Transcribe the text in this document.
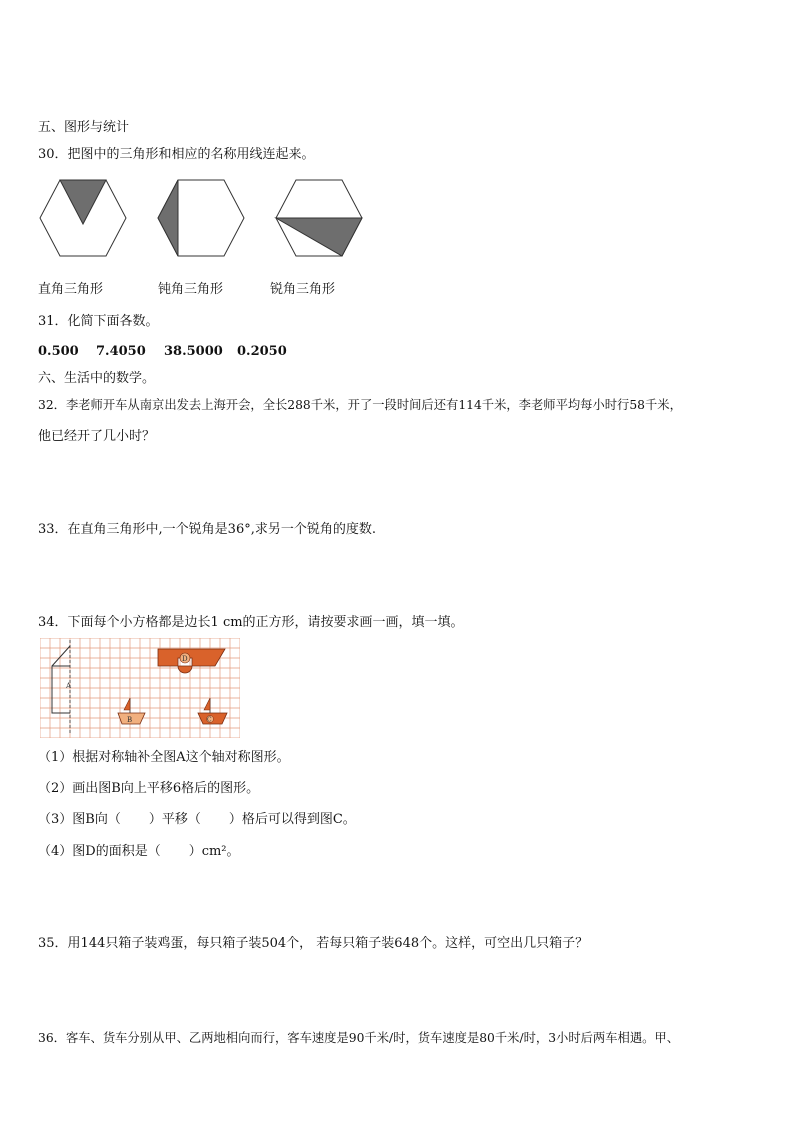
五、图形与统计
30．把图中的三角形和相应的名称用线连起来。
直角三角形	钝角三角形	锐角三角形
31．化简下面各数。
0.500 7.4050 38.5000 0.2050
六、生活中的数学。
32．李老师开车从南京出发去上海开会，全长288千米，开了一段时间后还有114千米，李老师平均每小时行58千米，
他已经开了几小时？
33．在直角三角形中,一个锐角是36°,求另一个锐角的度数.
34．下面每个小方格都是边长1 cm的正方形，请按要求画一画，填一填。
A
D
B	C
（1）根据对称轴补全图A这个轴对称图形。
（2）画出图B向上平移6格后的图形。
（3）图B向（ ）平移（ ）格后可以得到图C。
（4）图D的面积是（ ）cm²。
35．用144只箱子装鸡蛋，每只箱子装504个， 若每只箱子装648个。这样，可空出几只箱子？
36．客车、货车分别从甲、乙两地相向而行，客车速度是90千米/时，货车速度是80千米/时，3小时后两车相遇。甲、
